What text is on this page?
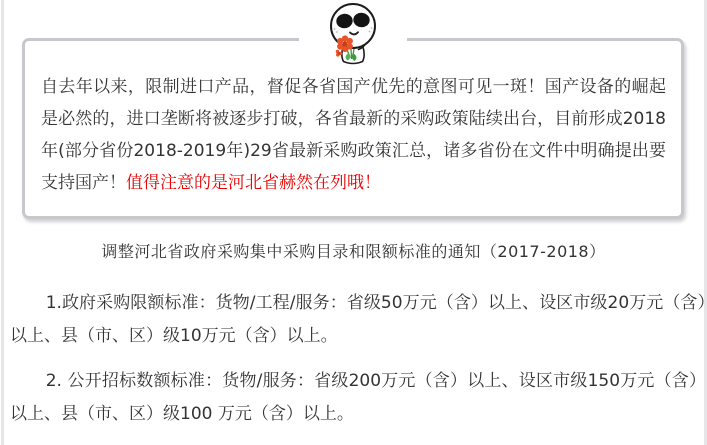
自去年以来，限制进口产品，督促各省国产优先的意图可见一斑！国产设备的崛起是必然的，进口垄断将被逐步打破，各省最新的采购政策陆续出台，目前形成2018年(部分省份2018-2019年)29省最新采购政策汇总，诸多省份在文件中明确提出要支持国产！值得注意的是河北省赫然在列哦！

调整河北省政府采购集中采购目录和限额标准的通知（2017-2018）

1.政府采购限额标准：货物/工程/服务：省级50万元（含）以上、设区市级20万元（含）以上、县（市、区）级10万元（含）以上。

2. 公开招标数额标准：货物/服务：省级200万元（含）以上、设区市级150万元（含）以上、县（市、区）级100 万元（含）以上。
